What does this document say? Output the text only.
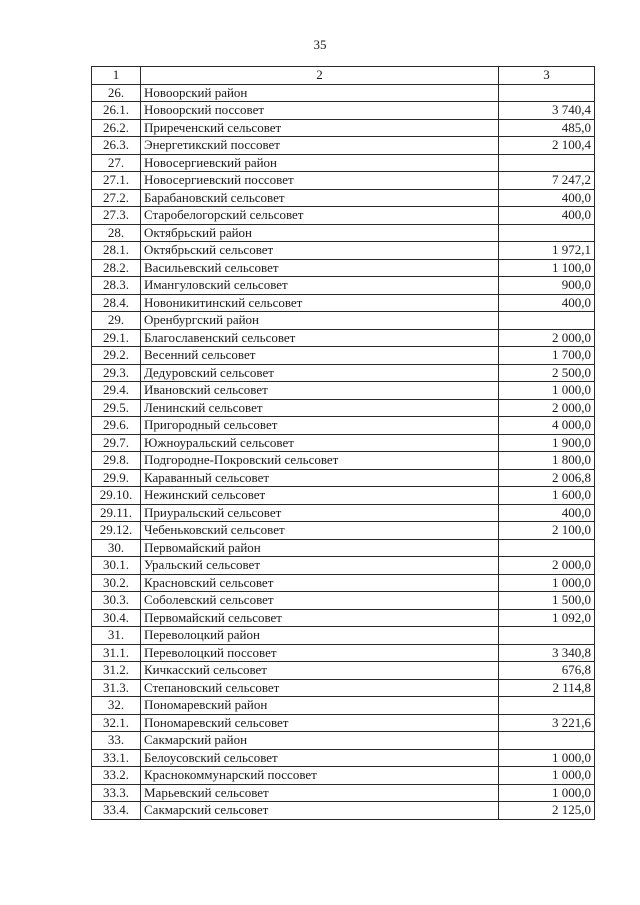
35
1	2	3
26.	Новоорский район	
26.1.	Новоорский поссовет	3 740,4
26.2.	Приреченский сельсовет	485,0
26.3.	Энергетикский поссовет	2 100,4
27.	Новосергиевский район	
27.1.	Новосергиевский поссовет	7 247,2
27.2.	Барабановский сельсовет	400,0
27.3.	Старобелогорский сельсовет	400,0
28.	Октябрьский район	
28.1.	Октябрьский сельсовет	1 972,1
28.2.	Васильевский сельсовет	1 100,0
28.3.	Имангуловский сельсовет	900,0
28.4.	Новоникитинский сельсовет	400,0
29.	Оренбургский район	
29.1.	Благославенский сельсовет	2 000,0
29.2.	Весенний сельсовет	1 700,0
29.3.	Дедуровский сельсовет	2 500,0
29.4.	Ивановский сельсовет	1 000,0
29.5.	Ленинский сельсовет	2 000,0
29.6.	Пригородный сельсовет	4 000,0
29.7.	Южноуральский сельсовет	1 900,0
29.8.	Подгородне-Покровский сельсовет	1 800,0
29.9.	Караванный сельсовет	2 006,8
29.10.	Нежинский сельсовет	1 600,0
29.11.	Приуральский сельсовет	400,0
29.12.	Чебеньковский сельсовет	2 100,0
30.	Первомайский район	
30.1.	Уральский сельсовет	2 000,0
30.2.	Красновский сельсовет	1 000,0
30.3.	Соболевский сельсовет	1 500,0
30.4.	Первомайский сельсовет	1 092,0
31.	Переволоцкий район	
31.1.	Переволоцкий поссовет	3 340,8
31.2.	Кичкасский сельсовет	676,8
31.3.	Степановский сельсовет	2 114,8
32.	Пономаревский район	
32.1.	Пономаревский сельсовет	3 221,6
33.	Сакмарский район	
33.1.	Белоусовский сельсовет	1 000,0
33.2.	Краснокоммунарский поссовет	1 000,0
33.3.	Марьевский сельсовет	1 000,0
33.4.	Сакмарский сельсовет	2 125,0
